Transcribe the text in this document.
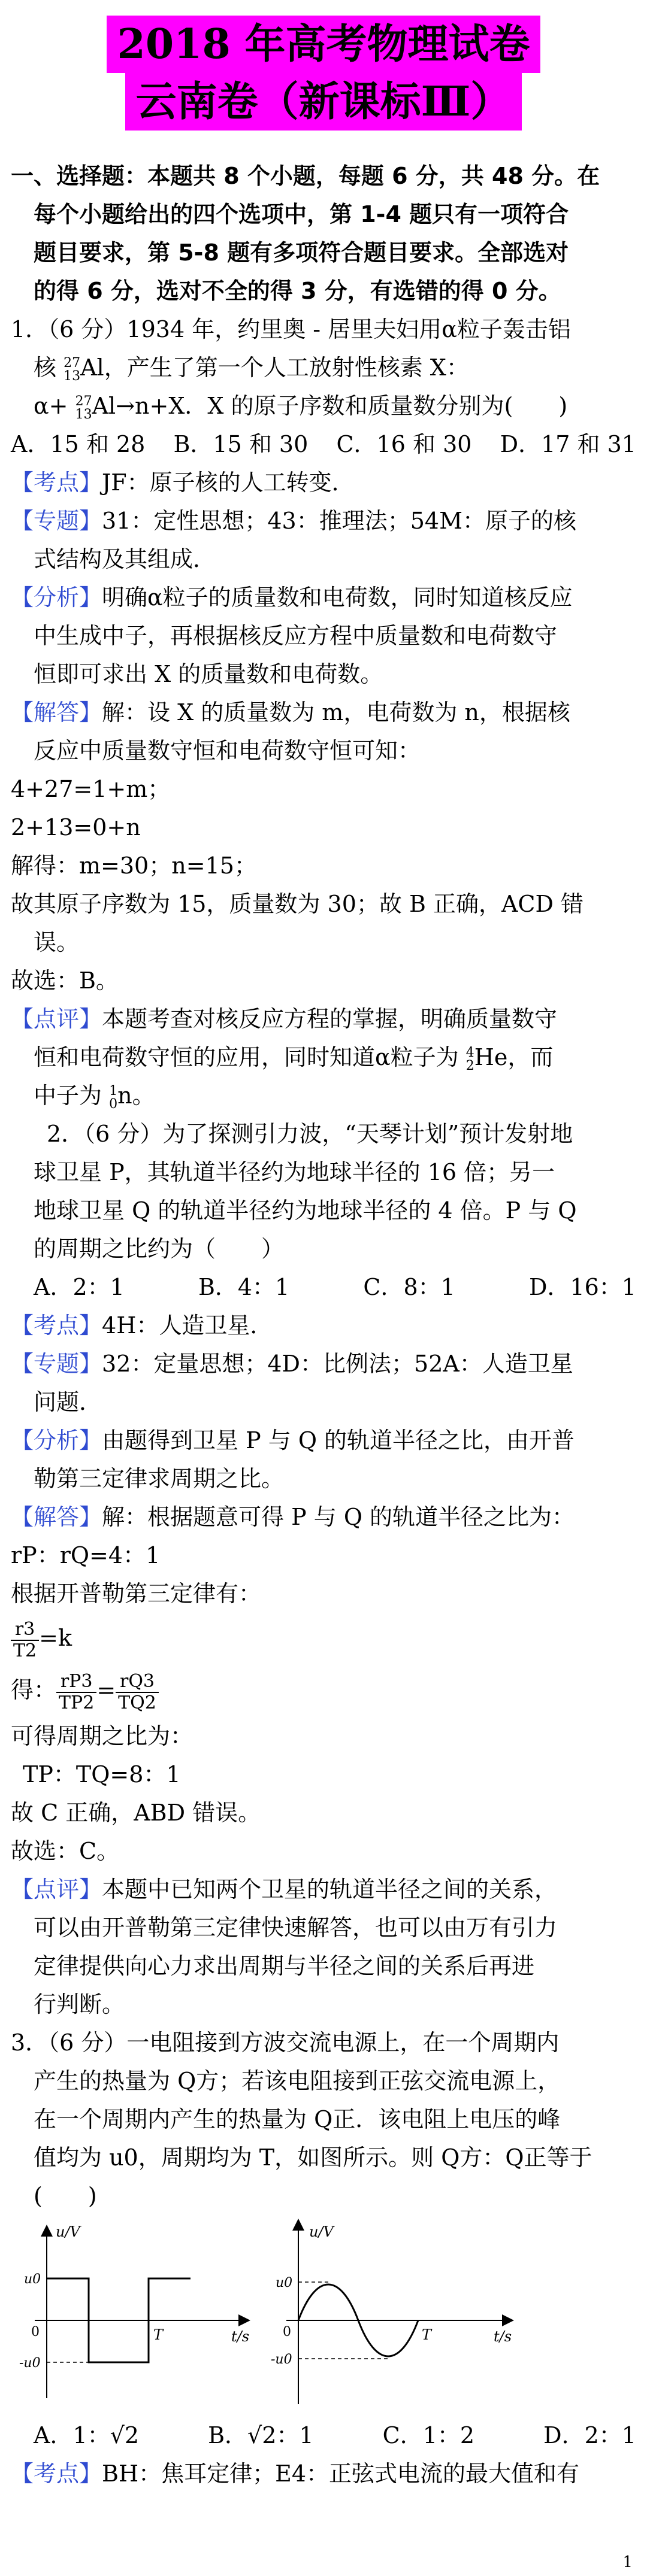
2018 年高考物理试卷
云南卷（新课标Ⅲ）

一、选择题：本题共 8 个小题，每题 6 分，共 48 分。在

每个小题给出的四个选项中，第 1-4 题只有一项符合

题目要求，第 5-8 题有多项符合题目要求。全部选对

的得 6 分，选对不全的得 3 分，有选错的得 0 分。

1．（6 分）1934 年，约里奥 - 居里夫妇用α粒子轰击铝

核 27
13Al，产生了第一个人工放射性核素 X：

α+ 27
13Al→n+X．X 的原子序数和质量数分别为(　　)

A．15 和 28 B．15 和 30 C．16 和 30 D．17 和 31

【考点】JF：原子核的人工转变．

【专题】31：定性思想；43：推理法；54M：原子的核

式结构及其组成．

【分析】明确α粒子的质量数和电荷数，同时知道核反应

中生成中子，再根据核反应方程中质量数和电荷数守

恒即可求出 X 的质量数和电荷数。

【解答】解：设 X 的质量数为 m，电荷数为 n，根据核

反应中质量数守恒和电荷数守恒可知：

4+27=1+m；

2+13=0+n

解得：m=30；n=15；

故其原子序数为 15，质量数为 30；故 B 正确，ACD 错

误。

故选：B。

【点评】本题考查对核反应方程的掌握，明确质量数守

恒和电荷数守恒的应用，同时知道α粒子为 4
2He，而

中子为 1
0n。

2．（6 分）为了探测引力波，“天琴计划”预计发射地

球卫星 P，其轨道半径约为地球半径的 16 倍；另一

地球卫星 Q 的轨道半径约为地球半径的 4 倍。P 与 Q

的周期之比约为（　　）

A．2：1	B．4：1	C．8：1	D．16：1

【考点】4H：人造卫星．

【专题】32：定量思想；4D：比例法；52A：人造卫星

问题．

【分析】由题得到卫星 P 与 Q 的轨道半径之比，由开普

勒第三定律求周期之比。

【解答】解：根据题意可得 P 与 Q 的轨道半径之比为：

rP：rQ=4：1

根据开普勒第三定律有：

$\frac{r3}{T2} =k$

得： $\frac{rP3}{TP2} = \frac{rQ3}{TQ2}$

可得周期之比为：

TP：TQ=8：1

故 C 正确，ABD 错误。

故选：C。

【点评】本题中已知两个卫星的轨道半径之间的关系，

可以由开普勒第三定律快速解答，也可以由万有引力

定律提供向心力求出周期与半径之间的关系后再进

行判断。

3．（6 分）一电阻接到方波交流电源上，在一个周期内

产生的热量为 Q方；若该电阻接到正弦交流电源上，

在一个周期内产生的热量为 Q正．该电阻上电压的峰

值均为 u0，周期均为 T，如图所示。则 Q方：Q正等于

(　　)

u/V
t/s
u0
-u0
0	T
u/V
t/s
u0
-u0
0	T

A．1：√2	B．√2：1	C．1：2	D．2：1

【考点】BH：焦耳定律；E4：正弦式电流的最大值和有

1
